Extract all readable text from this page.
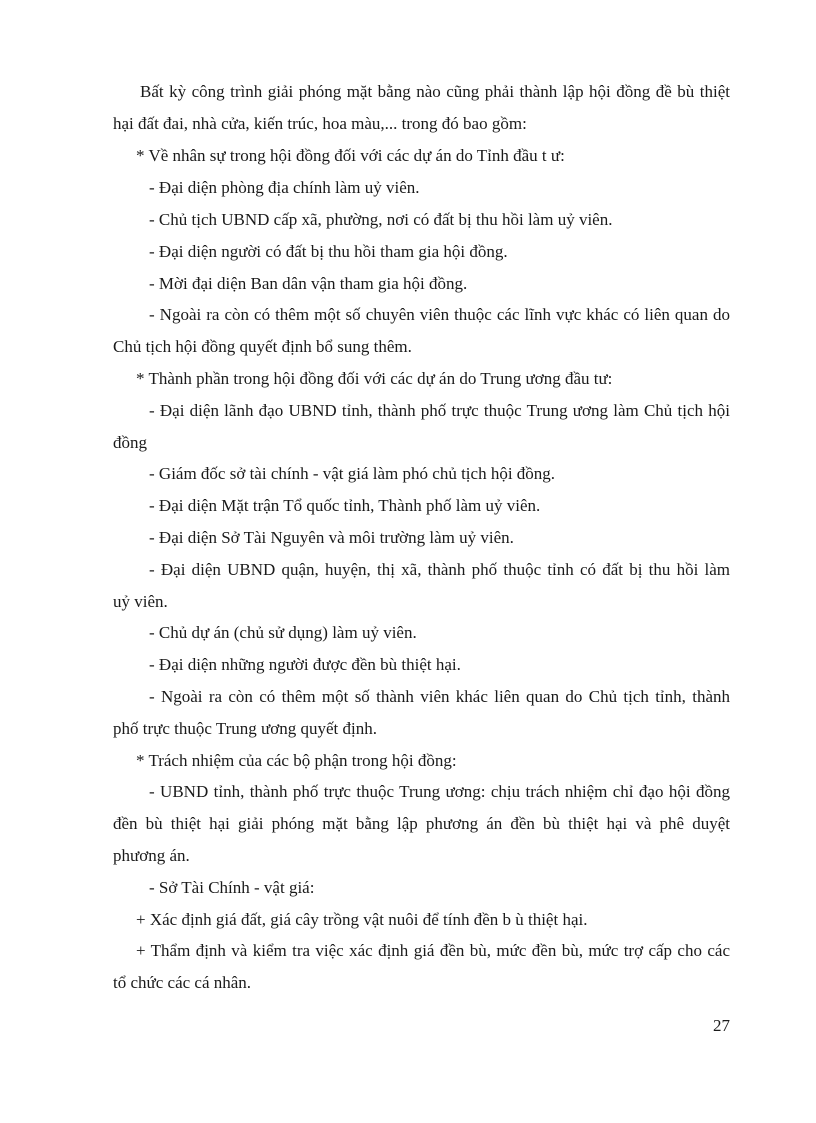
Bất kỳ công trình giải phóng mặt bằng nào cũng phải thành lập hội đồng đề bù thiệt
hại đất đai, nhà cửa, kiến trúc, hoa màu,... trong đó bao gồm:
* Về nhân sự trong hội đồng đối với các dự án do Tỉnh đầu t ư:
- Đại diện phòng địa chính làm uỷ viên.
- Chủ tịch UBND cấp xã, phường, nơi có đất bị thu hồi làm uỷ viên.
- Đại diện người có đất bị thu hồi tham gia hội đồng.
- Mời đại diện Ban dân vận tham gia hội đồng.
- Ngoài ra còn có thêm một số chuyên viên thuộc các lĩnh vực khác có liên quan do
Chủ tịch hội đồng quyết định bổ sung thêm.
* Thành phần trong hội đồng đối với các dự án do Trung ương đầu tư:
- Đại diện lãnh đạo UBND tỉnh, thành phố trực thuộc Trung ương làm Chủ tịch hội
đồng
- Giám đốc sở tài chính - vật giá làm phó chủ tịch hội đồng.
- Đại diện Mặt trận Tổ quốc tỉnh, Thành phố làm uỷ viên.
- Đại diện Sở Tài Nguyên và môi trường làm uỷ viên.
- Đại diện UBND quận, huyện, thị xã, thành phố thuộc tỉnh có đất bị thu hồi làm
uỷ viên.
- Chủ dự án (chủ sử dụng) làm uỷ viên.
- Đại diện những người được đền bù thiệt hại.
- Ngoài ra còn có thêm một số thành viên khác liên quan do Chủ tịch tỉnh, thành
phố trực thuộc Trung ương quyết định.
* Trách nhiệm của các bộ phận trong hội đồng:
- UBND tỉnh, thành phố trực thuộc Trung ương: chịu trách nhiệm chỉ đạo hội đồng
đền bù thiệt hại giải phóng mặt bằng lập phương án đền bù thiệt hại và phê duyệt
phương án.
- Sở Tài Chính - vật giá:
+ Xác định giá đất, giá cây trồng vật nuôi để tính đền b ù thiệt hại.
+ Thẩm định và kiểm tra việc xác định giá đền bù, mức đền bù, mức trợ cấp cho các
tổ chức các cá nhân.
27
